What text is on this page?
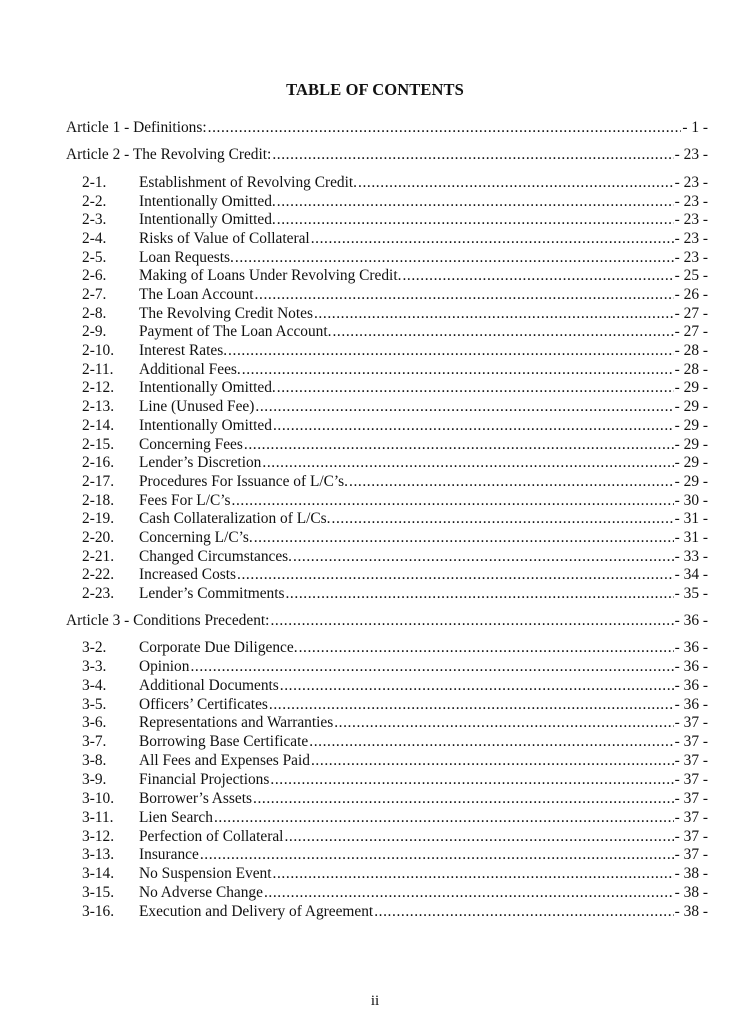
TABLE OF CONTENTS
Article 1 - Definitions: .....	- 1 -
Article 2 - The Revolving Credit: .....	- 23 -
2-1.	Establishment of Revolving Credit. .....	- 23 -
2-2.	Intentionally Omitted. .....	- 23 -
2-3.	Intentionally Omitted. .....	- 23 -
2-4.	Risks of Value of Collateral .....	- 23 -
2-5.	Loan Requests. .....	- 23 -
2-6.	Making of Loans Under Revolving Credit. .....	- 25 -
2-7.	The Loan Account .....	- 26 -
2-8.	The Revolving Credit Notes .....	- 27 -
2-9.	Payment of The Loan Account. .....	- 27 -
2-10.	Interest Rates. .....	- 28 -
2-11.	Additional Fees. .....	- 28 -
2-12.	Intentionally Omitted. .....	- 29 -
2-13.	Line (Unused Fee) .....	- 29 -
2-14.	Intentionally Omitted .....	- 29 -
2-15.	Concerning Fees .....	- 29 -
2-16.	Lender’s Discretion .....	- 29 -
2-17.	Procedures For Issuance of L/C’s. .....	- 29 -
2-18.	Fees For L/C’s .....	- 30 -
2-19.	Cash Collateralization of L/Cs. .....	- 31 -
2-20.	Concerning L/C’s. .....	- 31 -
2-21.	Changed Circumstances. .....	- 33 -
2-22.	Increased Costs .....	- 34 -
2-23.	Lender’s Commitments .....	- 35 -
Article 3 - Conditions Precedent: .....	- 36 -
3-2.	Corporate Due Diligence. .....	- 36 -
3-3.	Opinion .....	- 36 -
3-4.	Additional Documents .....	- 36 -
3-5.	Officers’ Certificates .....	- 36 -
3-6.	Representations and Warranties .....	- 37 -
3-7.	Borrowing Base Certificate .....	- 37 -
3-8.	All Fees and Expenses Paid .....	- 37 -
3-9.	Financial Projections .....	- 37 -
3-10.	Borrower’s Assets .....	- 37 -
3-11.	Lien Search .....	- 37 -
3-12.	Perfection of Collateral .....	- 37 -
3-13.	Insurance .....	- 37 -
3-14.	No Suspension Event .....	- 38 -
3-15.	No Adverse Change .....	- 38 -
3-16.	Execution and Delivery of Agreement .....	- 38 -
ii
